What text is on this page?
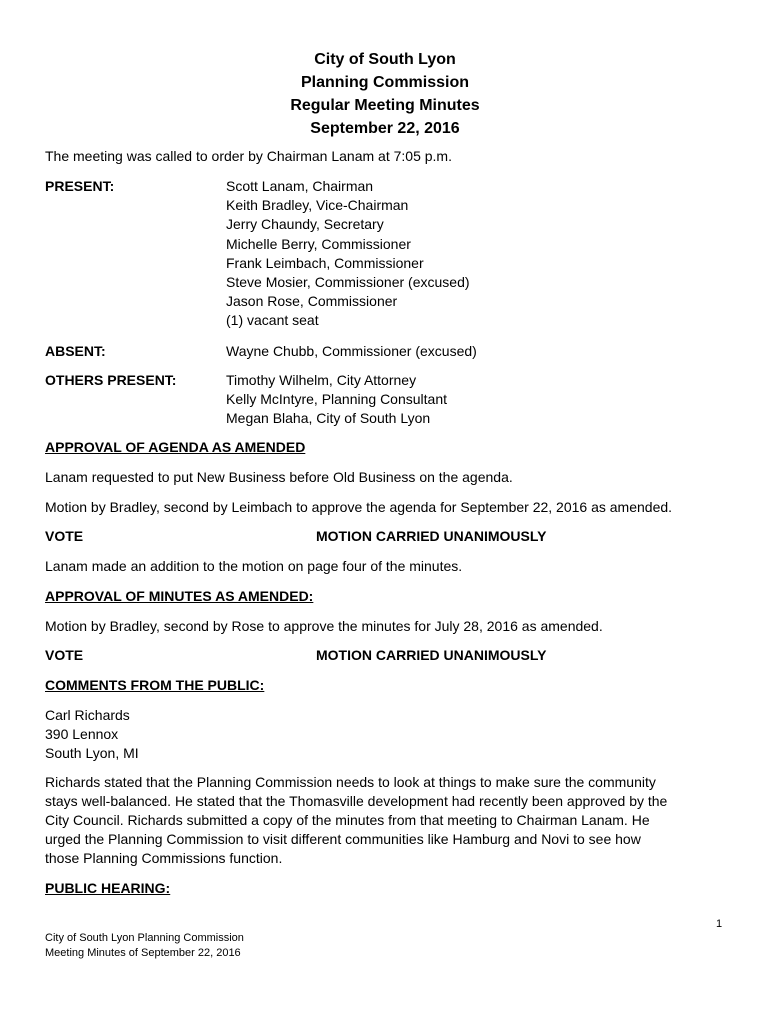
City of South Lyon
Planning Commission
Regular Meeting Minutes
September 22, 2016
The meeting was called to order by Chairman Lanam at 7:05 p.m.
PRESENT:	Scott Lanam, Chairman
Keith Bradley, Vice-Chairman
Jerry Chaundy, Secretary
Michelle Berry, Commissioner
Frank Leimbach, Commissioner
Steve Mosier, Commissioner (excused)
Jason Rose, Commissioner
(1) vacant seat
ABSENT:	Wayne Chubb, Commissioner (excused)
OTHERS PRESENT:	Timothy Wilhelm, City Attorney
Kelly McIntyre, Planning Consultant
Megan Blaha, City of South Lyon
APPROVAL OF AGENDA AS AMENDED
Lanam requested to put New Business before Old Business on the agenda.
Motion by Bradley, second by Leimbach to approve the agenda for September 22, 2016 as amended.
VOTE	MOTION CARRIED UNANIMOUSLY
Lanam made an addition to the motion on page four of the minutes.
APPROVAL OF MINUTES AS AMENDED:
Motion by Bradley, second by Rose to approve the minutes for July 28, 2016 as amended.
VOTE	MOTION CARRIED UNANIMOUSLY
COMMENTS FROM THE PUBLIC:
Carl Richards
390 Lennox
South Lyon, MI
Richards stated that the Planning Commission needs to look at things to make sure the community
stays well-balanced. He stated that the Thomasville development had recently been approved by the
City Council. Richards submitted a copy of the minutes from that meeting to Chairman Lanam. He
urged the Planning Commission to visit different communities like Hamburg and Novi to see how
those Planning Commissions function.
PUBLIC HEARING:
1
City of South Lyon Planning Commission
Meeting Minutes of September 22, 2016
